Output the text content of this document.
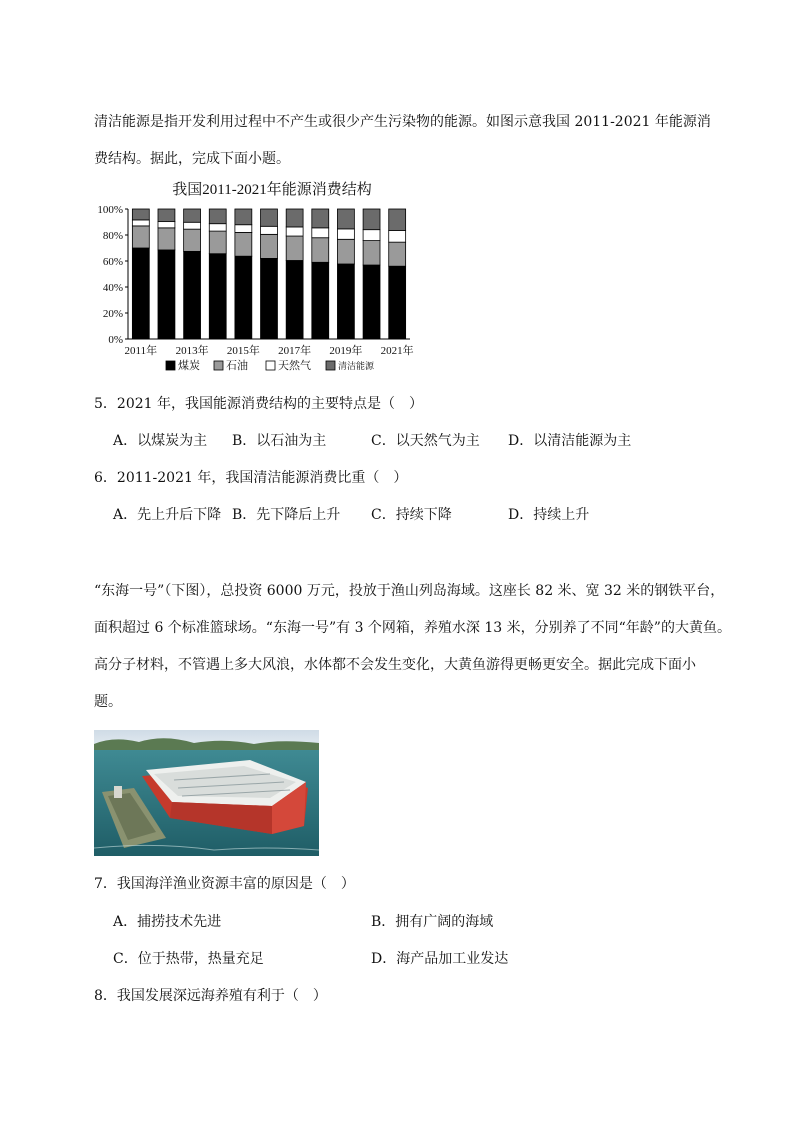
清洁能源是指开发利用过程中不产生或很少产生污染物的能源。如图示意我国 2011-2021 年能源消
费结构。据此，完成下面小题。
我国2011-2021年能源消费结构
0%
20%
40%
60%
80%
100%
2011年 2013年 2015年 2017年 2019年 2021年
煤炭 石油	天然气	清洁能源
5．2021 年，我国能源消费结构的主要特点是（　）
A．以煤炭为主 B．以石油为主	C．以天然气为主 D．以清洁能源为主
6．2011-2021 年，我国清洁能源消费比重（　）
A．先上升后下降 B．先下降后上升 C．持续下降	D．持续上升
“东海一号”（下图），总投资 6000 万元，投放于渔山列岛海域。这座长 82 米、宽 32 米的钢铁平台，
面积超过 6 个标准篮球场。“东海一号”有 3 个网箱，养殖水深 13 米，分别养了不同“年龄”的大黄鱼。
高分子材料，不管遇上多大风浪，水体都不会发生变化，大黄鱼游得更畅更安全。据此完成下面小
题。
7．我国海洋渔业资源丰富的原因是（　）
A．捕捞技术先进	B．拥有广阔的海域
C．位于热带，热量充足	D．海产品加工业发达
8．我国发展深远海养殖有利于（　）
